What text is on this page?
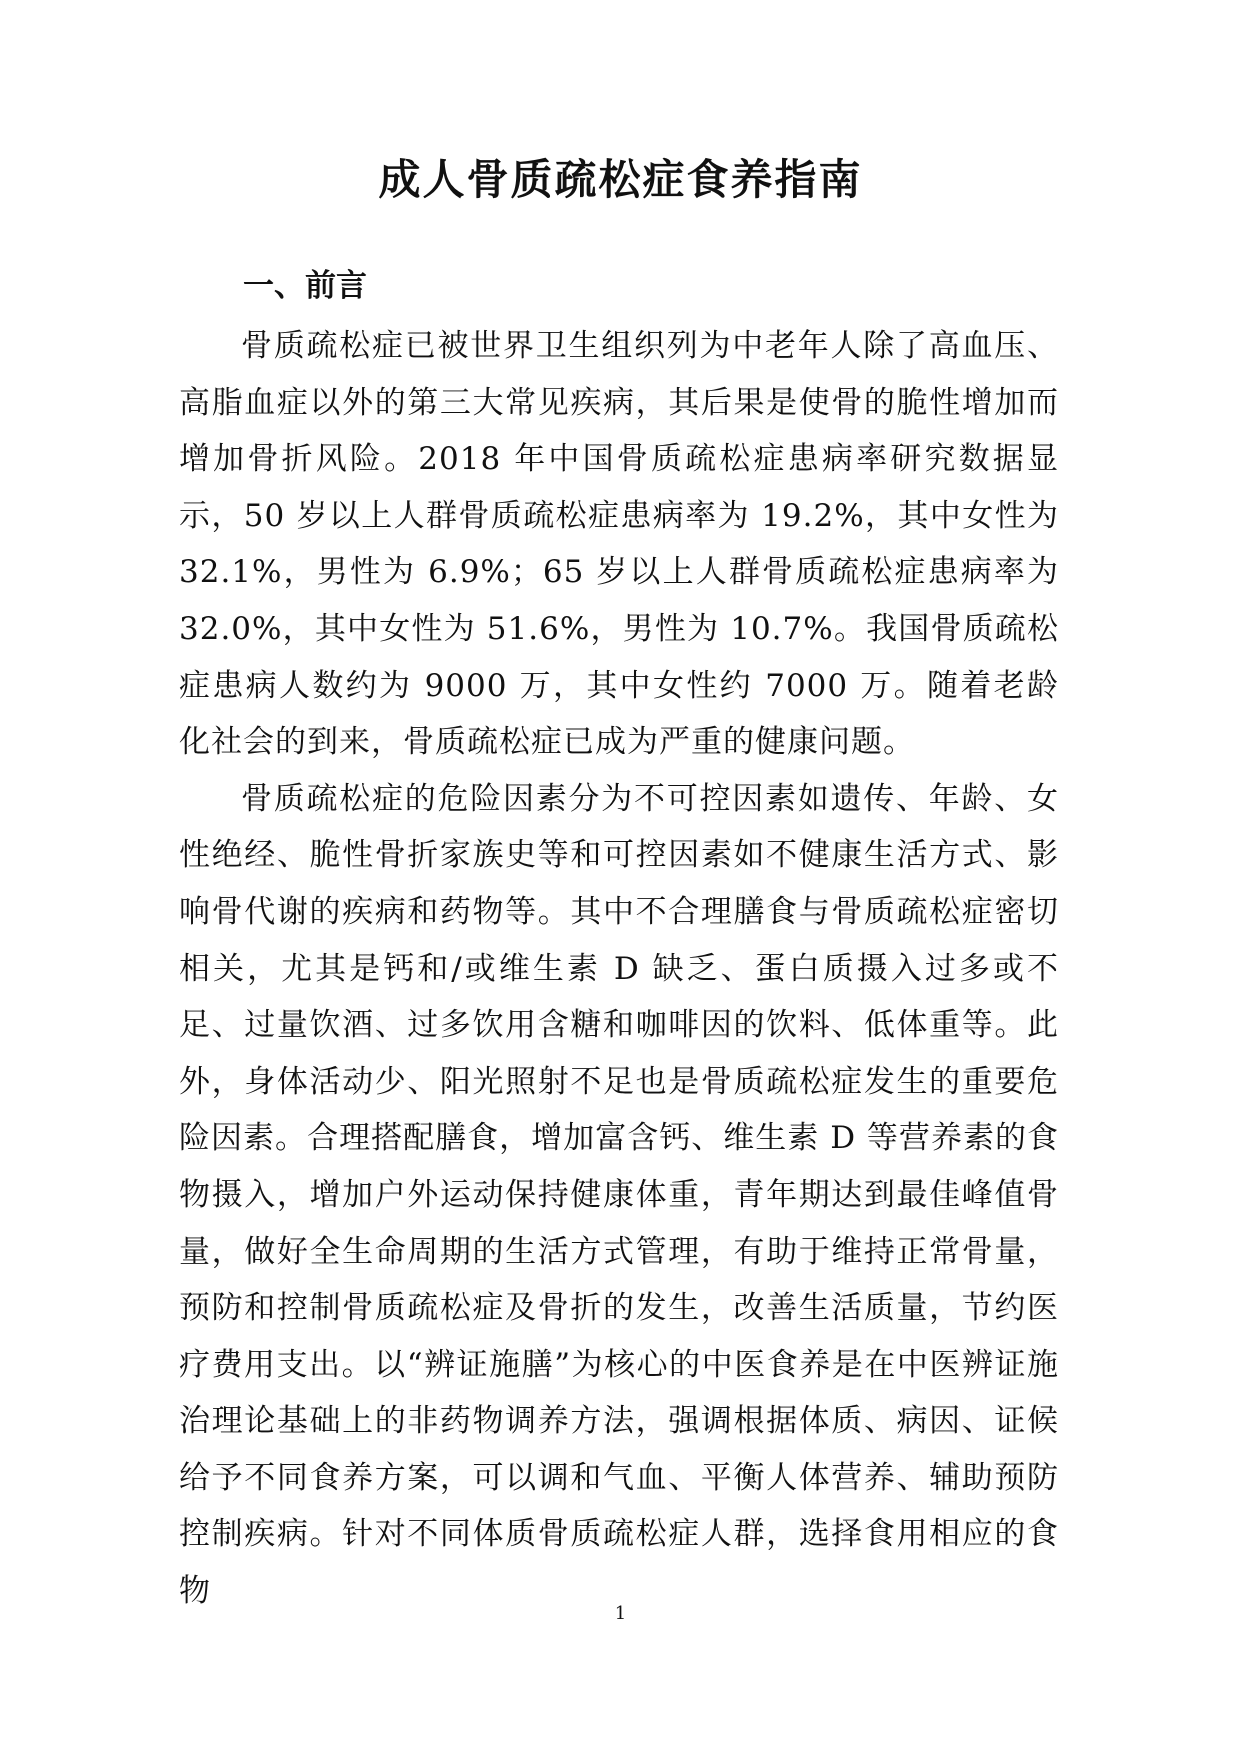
成人骨质疏松症食养指南
一、前言

骨质疏松症已被世界卫生组织列为中老年人除了高血压、高脂血症以外的第三大常见疾病，其后果是使骨的脆性增加而增加骨折风险。2018 年中国骨质疏松症患病率研究数据显示，50 岁以上人群骨质疏松症患病率为 19.2%，其中女性为 32.1%，男性为 6.9%；65 岁以上人群骨质疏松症患病率为 32.0%，其中女性为 51.6%，男性为 10.7%。我国骨质疏松症患病人数约为 9000 万，其中女性约 7000 万。随着老龄化社会的到来，骨质疏松症已成为严重的健康问题。

骨质疏松症的危险因素分为不可控因素如遗传、年龄、女性绝经、脆性骨折家族史等和可控因素如不健康生活方式、影响骨代谢的疾病和药物等。其中不合理膳食与骨质疏松症密切相关，尤其是钙和/或维生素 D 缺乏、蛋白质摄入过多或不足、过量饮酒、过多饮用含糖和咖啡因的饮料、低体重等。此外，身体活动少、阳光照射不足也是骨质疏松症发生的重要危险因素。合理搭配膳食，增加富含钙、维生素 D 等营养素的食物摄入，增加户外运动保持健康体重，青年期达到最佳峰值骨量，做好全生命周期的生活方式管理，有助于维持正常骨量，预防和控制骨质疏松症及骨折的发生，改善生活质量，节约医疗费用支出。以“辨证施膳”为核心的中医食养是在中医辨证施治理论基础上的非药物调养方法，强调根据体质、病因、证候给予不同食养方案，可以调和气血、平衡人体营养、辅助预防控制疾病。针对不同体质骨质疏松症人群，选择食用相应的食物

1
